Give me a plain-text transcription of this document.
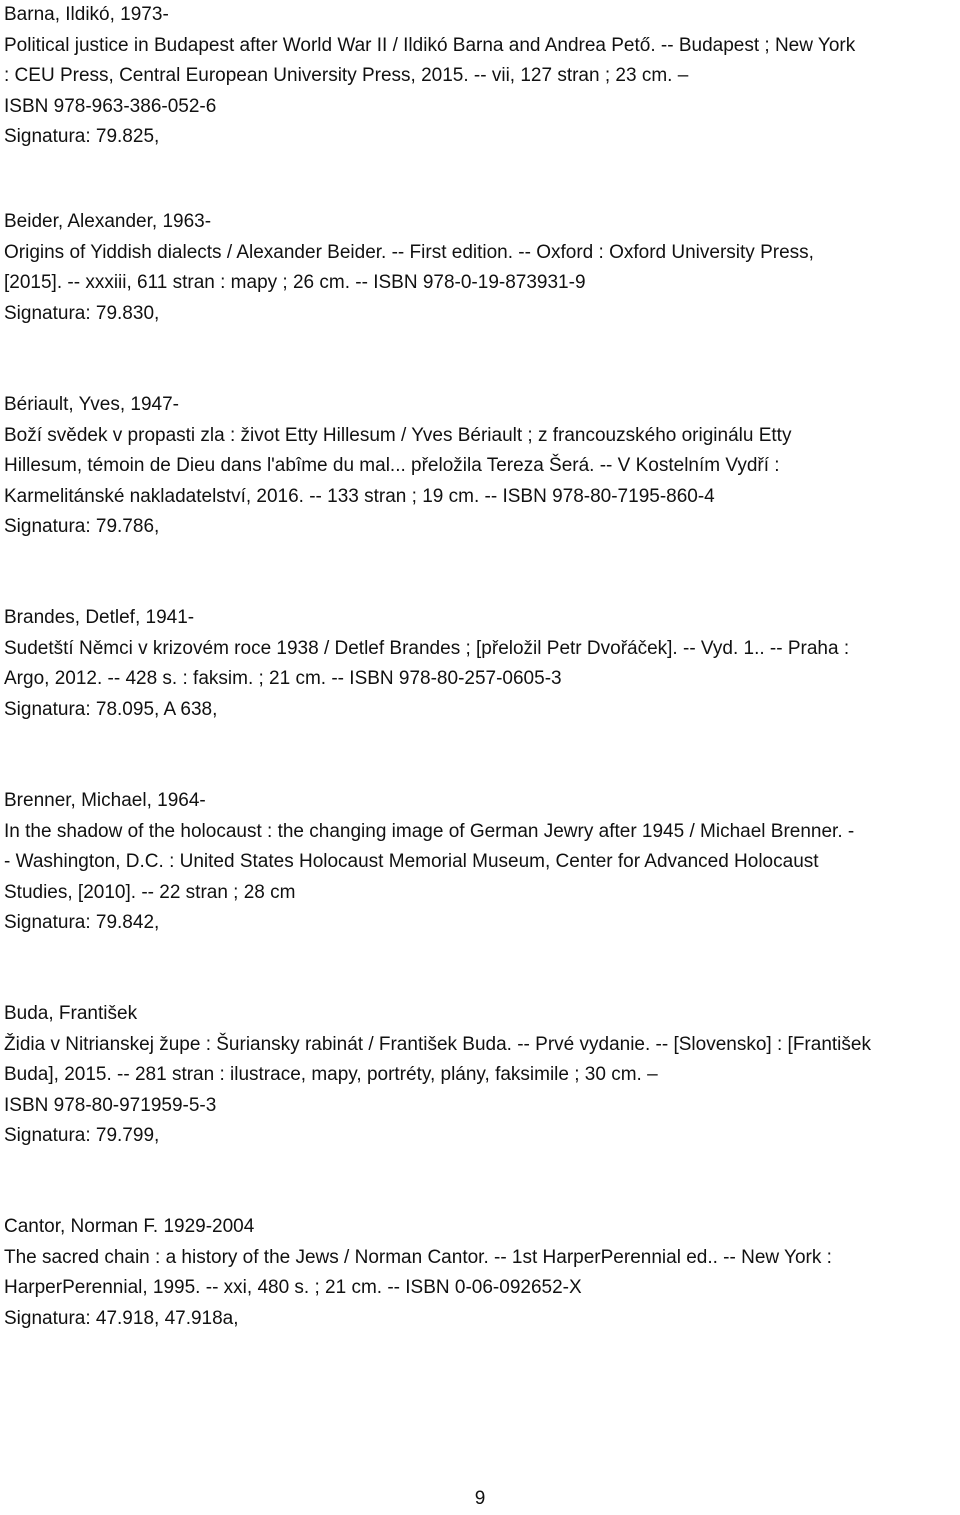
Barna, Ildikó, 1973-

Political justice in Budapest after World War II / Ildikó Barna and Andrea Pető. -- Budapest ; New York

: CEU Press, Central European University Press, 2015. -- vii, 127 stran ; 23 cm. –

ISBN 978-963-386-052-6

Signatura: 79.825,

Beider, Alexander, 1963-

Origins of Yiddish dialects / Alexander Beider. -- First edition. -- Oxford : Oxford University Press,

[2015]. -- xxxiii, 611 stran : mapy ; 26 cm. -- ISBN 978-0-19-873931-9

Signatura: 79.830,

Bériault, Yves, 1947-

Boží svědek v propasti zla : život Etty Hillesum / Yves Bériault ; z francouzského originálu Etty

Hillesum, témoin de Dieu dans l'abîme du mal... přeložila Tereza Šerá. -- V Kostelním Vydří :

Karmelitánské nakladatelství, 2016. -- 133 stran ; 19 cm. -- ISBN 978-80-7195-860-4

Signatura: 79.786,

Brandes, Detlef, 1941-

Sudetští Němci v krizovém roce 1938 / Detlef Brandes ; [přeložil Petr Dvořáček]. -- Vyd. 1.. -- Praha :

Argo, 2012. -- 428 s. : faksim. ; 21 cm. -- ISBN 978-80-257-0605-3

Signatura: 78.095, A 638,

Brenner, Michael, 1964-

In the shadow of the holocaust : the changing image of German Jewry after 1945 / Michael Brenner. -

- Washington, D.C. : United States Holocaust Memorial Museum, Center for Advanced Holocaust

Studies, [2010]. -- 22 stran ; 28 cm

Signatura: 79.842,

Buda, František

Židia v Nitrianskej župe : Šuriansky rabinát / František Buda. -- Prvé vydanie. -- [Slovensko] : [František

Buda], 2015. -- 281 stran : ilustrace, mapy, portréty, plány, faksimile ; 30 cm. –

ISBN 978-80-971959-5-3

Signatura: 79.799,

Cantor, Norman F. 1929-2004

The sacred chain : a history of the Jews / Norman Cantor. -- 1st HarperPerennial ed.. -- New York :

HarperPerennial, 1995. -- xxi, 480 s. ; 21 cm. -- ISBN 0-06-092652-X

Signatura: 47.918, 47.918a,

9
